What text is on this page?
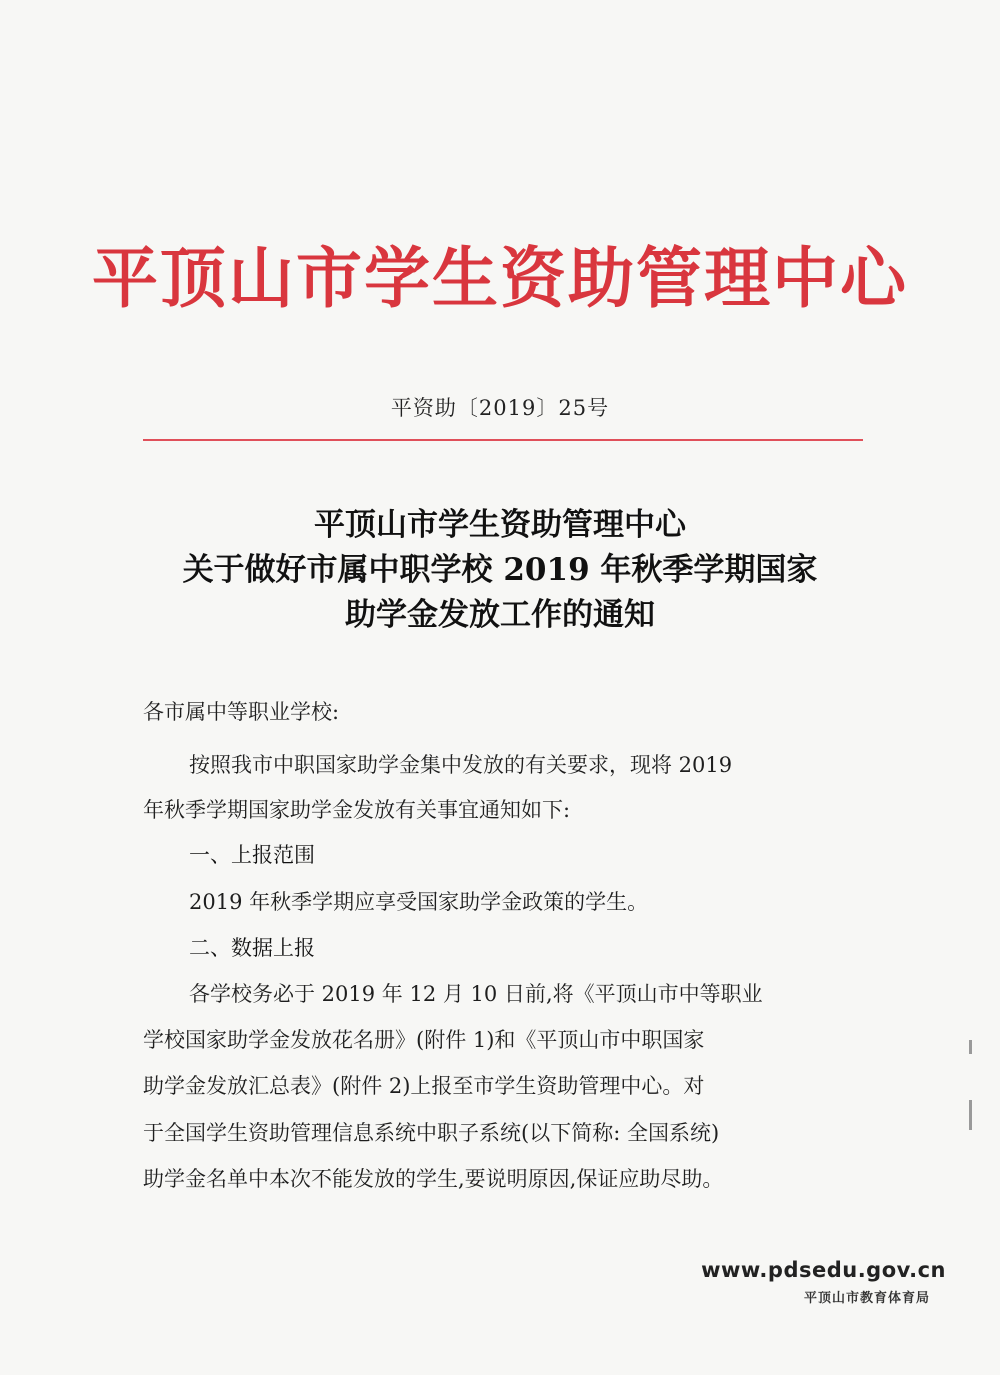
平顶山市学生资助管理中心
平资助〔2019〕25号
平顶山市学生资助管理中心
关于做好市属中职学校 2019 年秋季学期国家
助学金发放工作的通知
各市属中等职业学校:
按照我市中职国家助学金集中发放的有关要求，现将 2019
年秋季学期国家助学金发放有关事宜通知如下:
一、上报范围
2019 年秋季学期应享受国家助学金政策的学生。
二、数据上报
各学校务必于 2019 年 12 月 10 日前,将《平顶山市中等职业
学校国家助学金发放花名册》(附件 1)和《平顶山市中职国家
助学金发放汇总表》(附件 2)上报至市学生资助管理中心。对
于全国学生资助管理信息系统中职子系统(以下简称: 全国系统)
助学金名单中本次不能发放的学生,要说明原因,保证应助尽助。
www.pdsedu.gov.cn
平顶山市教育体育局
